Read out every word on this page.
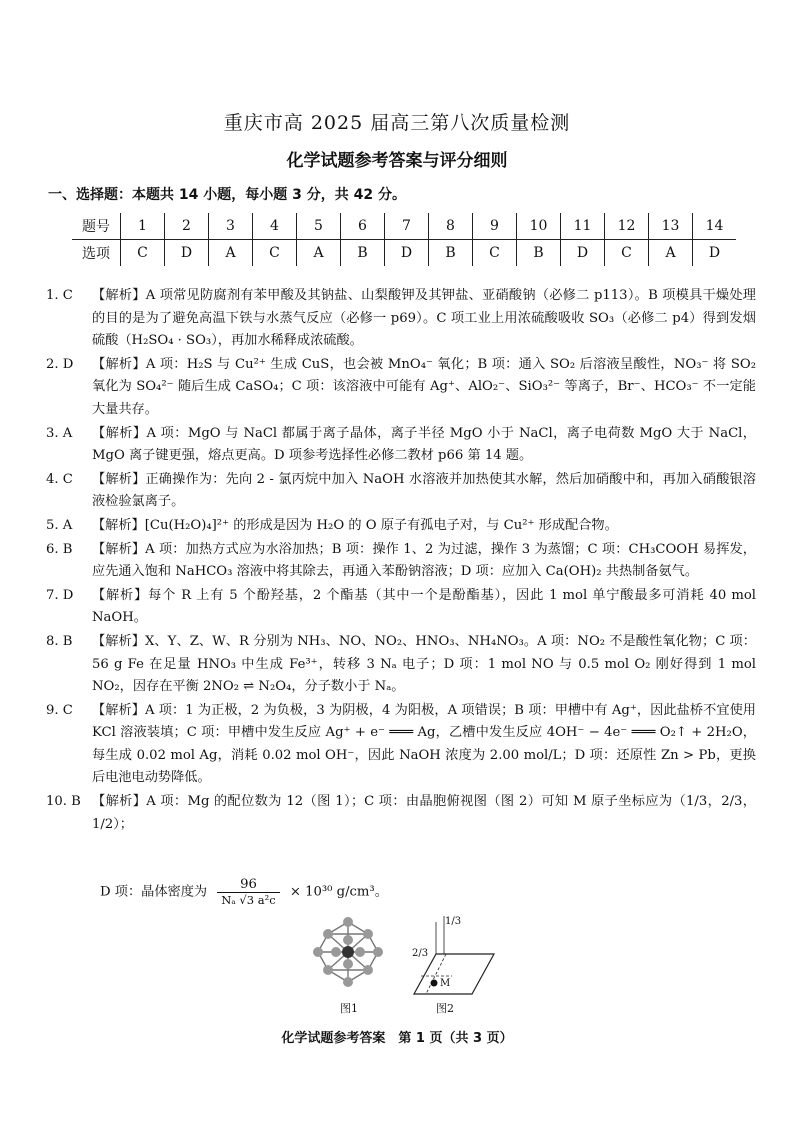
重庆市高 2025 届高三第八次质量检测
化学试题参考答案与评分细则
一、选择题：本题共 14 小题，每小题 3 分，共 42 分。
题号	1	2	3	4	5	6	7	8	9	10	11	12	13	14
选项	C	D	A	C	A	B	D	B	C	B	D	C	A	D
1. C	【解析】A 项常见防腐剂有苯甲酸及其钠盐、山梨酸钾及其钾盐、亚硝酸钠（必修二 p113）。B 项模具干燥处理的目的是为了避免高温下铁与水蒸气反应（必修一 p69）。C 项工业上用浓硫酸吸收 SO₃（必修二 p4）得到发烟硫酸（H₂SO₄ · SO₃），再加水稀释成浓硫酸。
2. D	【解析】A 项：H₂S 与 Cu²⁺ 生成 CuS，也会被 MnO₄⁻ 氧化；B 项：通入 SO₂ 后溶液呈酸性，NO₃⁻ 将 SO₂ 氧化为 SO₄²⁻ 随后生成 CaSO₄；C 项：该溶液中可能有 Ag⁺、AlO₂⁻、SiO₃²⁻ 等离子，Br⁻、HCO₃⁻ 不一定能大量共存。
3. A	【解析】A 项：MgO 与 NaCl 都属于离子晶体，离子半径 MgO 小于 NaCl，离子电荷数 MgO 大于 NaCl，MgO 离子键更强，熔点更高。D 项参考选择性必修二教材 p66 第 14 题。
4. C	【解析】正确操作为：先向 2 - 氯丙烷中加入 NaOH 水溶液并加热使其水解，然后加硝酸中和，再加入硝酸银溶液检验氯离子。
5. A	【解析】[Cu(H₂O)₄]²⁺ 的形成是因为 H₂O 的 O 原子有孤电子对，与 Cu²⁺ 形成配合物。
6. B	【解析】A 项：加热方式应为水浴加热；B 项：操作 1、2 为过滤，操作 3 为蒸馏；C 项：CH₃COOH 易挥发，应先通入饱和 NaHCO₃ 溶液中将其除去，再通入苯酚钠溶液；D 项：应加入 Ca(OH)₂ 共热制备氨气。
7. D	【解析】每个 R 上有 5 个酚羟基，2 个酯基（其中一个是酚酯基），因此 1 mol 单宁酸最多可消耗 40 mol NaOH。
8. B	【解析】X、Y、Z、W、R 分别为 NH₃、NO、NO₂、HNO₃、NH₄NO₃。A 项：NO₂ 不是酸性氧化物；C 项：56 g Fe 在足量 HNO₃ 中生成 Fe³⁺，转移 3 Nₐ 电子；D 项：1 mol NO 与 0.5 mol O₂ 刚好得到 1 mol NO₂，因存在平衡 2NO₂ ⇌ N₂O₄，分子数小于 Nₐ。
9. C	【解析】A 项：1 为正极，2 为负极，3 为阴极，4 为阳极，A 项错误；B 项：甲槽中有 Ag⁺，因此盐桥不宜使用 KCl 溶液装填；C 项：甲槽中发生反应 Ag⁺ + e⁻ ═══ Ag，乙槽中发生反应 4OH⁻ − 4e⁻ ═══ O₂↑ + 2H₂O，每生成 0.02 mol Ag，消耗 0.02 mol OH⁻，因此 NaOH 浓度为 2.00 mol/L；D 项：还原性 Zn > Pb，更换后电池电动势降低。
10. B 【解析】A 项：Mg 的配位数为 12（图 1）；C 项：由晶胞俯视图（图 2）可知 M 原子坐标应为（1/3，2/3，1/2）；
D 项：晶体密度为 $\frac{96}{\text{Nₐ √3 a²c}} \times 10^{30}$ g/cm³。
图1
1/3
2/3
M
图2
化学试题参考答案　第 1 页（共 3 页）
